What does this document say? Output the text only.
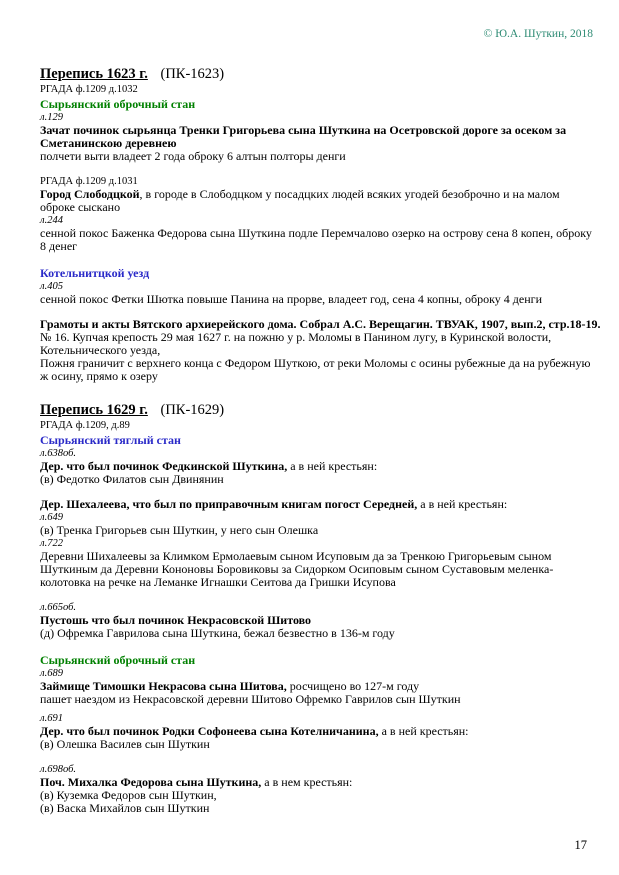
© Ю.А. Шуткин, 2018
Перепись 1623 г. (ПК-1623)
РГАДА ф.1209 д.1032
Сырьянский оброчный стан
л.129
Зачат починок сырьянца Тренки Григорьева сына Шуткина на Осетровской дороге за осеком за Сметанинскою деревнею
полчети выти владеет 2 года оброку 6 алтын полторы денги
РГАДА ф.1209 д.1031
Город Слободцкой, в городе в Слободцком у посадцких людей всяких угодей безоброчно и на малом оброке сыскано
л.244
сенной покос Баженка Федорова сына Шуткина подле Перемчалово озерко на острову сена 8 копен, оброку 8 денег
Котельнитцкой уезд
л.405
сенной покос Фетки Шютка повыше Панина на прорве, владеет год, сена 4 копны, оброку 4 денги
Грамоты и акты Вятского архиерейского дома. Собрал А.С. Верещагин. ТВУАК, 1907, вып.2, стр.18-19.
№ 16. Купчая крепость 29 мая 1627 г. на пожню у р. Моломы в Панином лугу, в Куринской волости, Котельнического уезда,
Пожня граничит с верхнего конца с Федором Шуткою, от реки Моломы с осины рубежные да на рубежную ж осину, прямо к озеру
Перепись 1629 г. (ПК-1629)
РГАДА ф.1209, д.89
Сырьянский тяглый стан
л.638об.
Дер. что был починок Федкинской Шуткина, а в ней крестьян:
(в) Федотко Филатов сын Двинянин
Дер. Шехалеева, что был по приправочным книгам погост Середней, а в ней крестьян:
л.649
(в) Тренка Григорьев сын Шуткин, у него сын Олешка
л.722
Деревни Шихалеевы за Климком Ермолаевым сыном Исуповым да за Тренкою Григорьевым сыном Шуткиным да Деревни Кононовы Боровиковы за Сидорком Осиповым сыном Суставовым меленка-колотовка на речке на Леманке Игнашки Сеитова да Гришки Исупова
л.665об.
Пустошь что был починок Некрасовской Шитово
(д) Офремка Гаврилова сына Шуткина, бежал безвестно в 136-м году
Сырьянский оброчный стан
л.689
Займище Тимошки Некрасова сына Шитова, росчищено во 127-м году
пашет наездом из Некрасовской деревни Шитово Офремко Гаврилов сын Шуткин
л.691
Дер. что был починок Родки Софонеева сына Котелничанина, а в ней крестьян:
(в) Олешка Василев сын Шуткин
л.698об.
Поч. Михалка Федорова сына Шуткина, а в нем крестьян:
(в) Куземка Федоров сын Шуткин,
(в) Васка Михайлов сын Шуткин
17
